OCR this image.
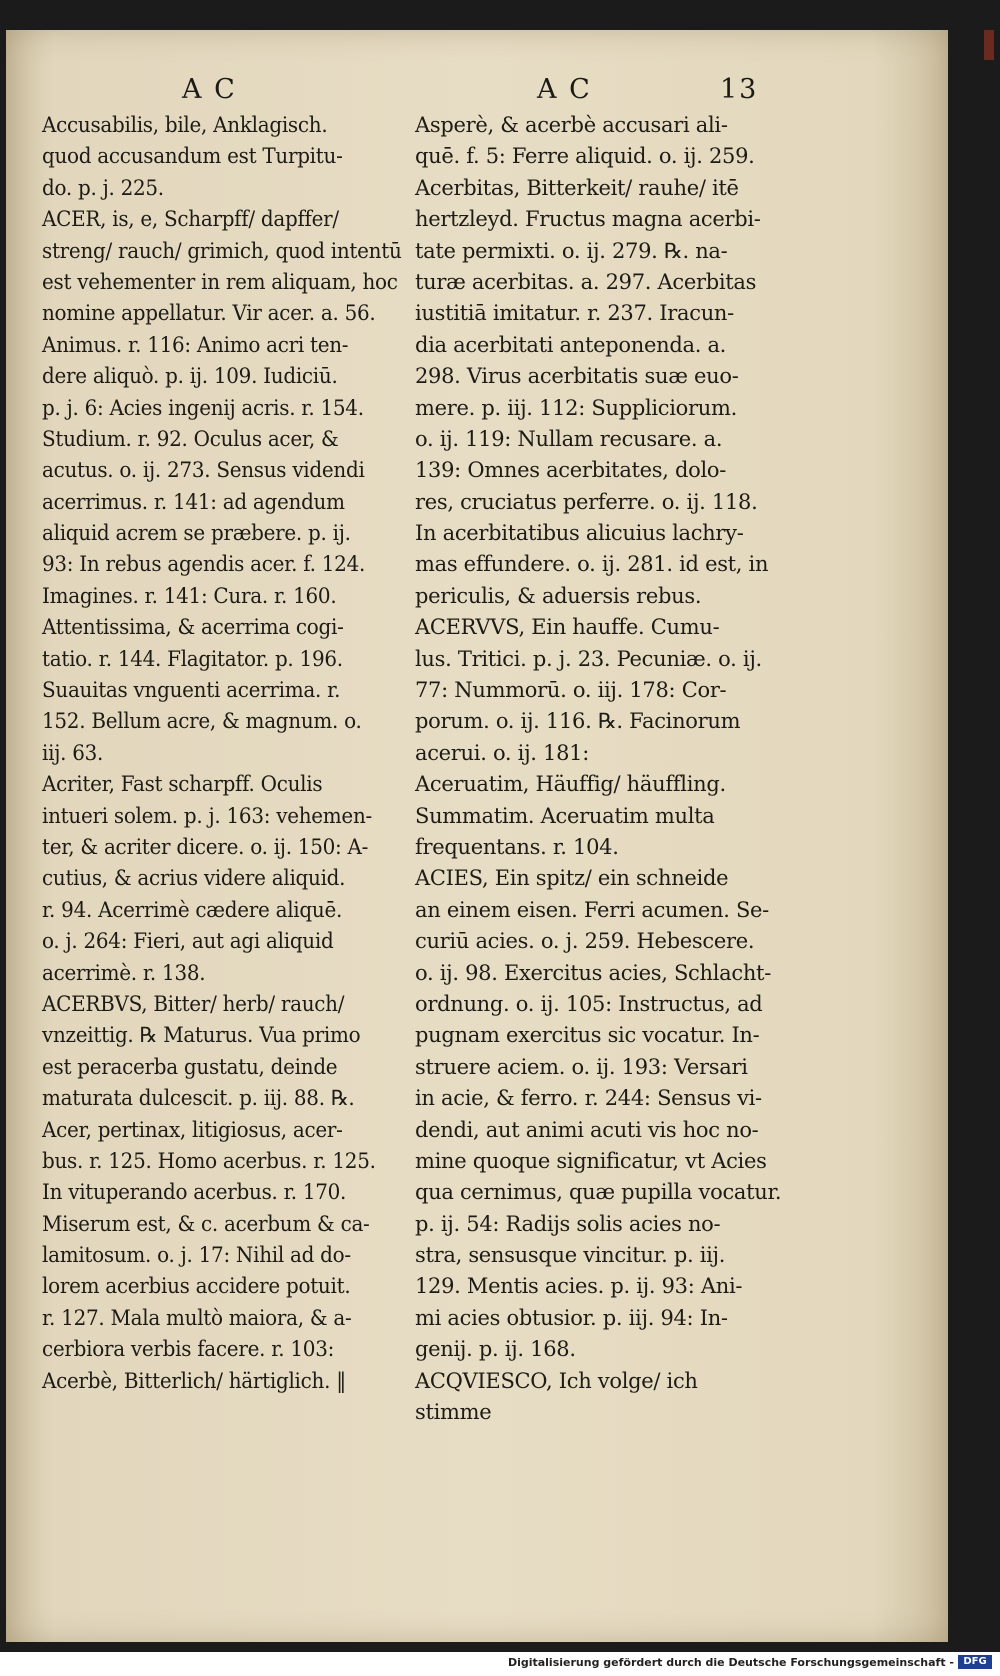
A C	A C	13
Accusabilis, bile, Anklagisch.
quod accusandum est Turpitu-
do. p. j. 225.
ACER, is, e, Scharpff/ dapffer/
streng/ rauch/ grimich, quod intentū
est vehementer in rem aliquam, hoc
nomine appellatur. Vir acer. a. 56.
Animus. r. 116: Animo acri ten-
dere aliquò. p. ij. 109. Iudiciū.
p. j. 6: Acies ingenij acris. r. 154.
Studium. r. 92. Oculus acer, &
acutus. o. ij. 273. Sensus videndi
acerrimus. r. 141: ad agendum
aliquid acrem se præbere. p. ij.
93: In rebus agendis acer. f. 124.
Imagines. r. 141: Cura. r. 160.
Attentissima, & acerrima cogi-
tatio. r. 144. Flagitator. p. 196.
Suauitas vnguenti acerrima. r.
152. Bellum acre, & magnum. o.
iij. 63.
Acriter, Fast scharpff. Oculis
intueri solem. p. j. 163: vehemen-
ter, & acriter dicere. o. ij. 150: A-
cutius, & acrius videre aliquid.
r. 94. Acerrimè cædere aliquē.
o. j. 264: Fieri, aut agi aliquid
acerrimè. r. 138.
ACERBVS, Bitter/ herb/ rauch/
vnzeittig. ℞ Maturus. Vua primo
est peracerba gustatu, deinde
maturata dulcescit. p. iij. 88. ℞.
Acer, pertinax, litigiosus, acer-
bus. r. 125. Homo acerbus. r. 125.
In vituperando acerbus. r. 170.
Miserum est, & c. acerbum & ca-
lamitosum. o. j. 17: Nihil ad do-
lorem acerbius accidere potuit.
r. 127. Mala multò maiora, & a-
cerbiora verbis facere. r. 103:
Acerbè, Bitterlich/ härtiglich. ‖
Asperè, & acerbè accusari ali-
quē. f. 5: Ferre aliquid. o. ij. 259.
Acerbitas, Bitterkeit/ rauhe/ itē
hertzleyd. Fructus magna acerbi-
tate permixti. o. ij. 279. ℞. na-
turæ acerbitas. a. 297. Acerbitas
iustitiā imitatur. r. 237. Iracun-
dia acerbitati anteponenda. a.
298. Virus acerbitatis suæ euo-
mere. p. iij. 112: Suppliciorum.
o. ij. 119: Nullam recusare. a.
139: Omnes acerbitates, dolo-
res, cruciatus perferre. o. ij. 118.
In acerbitatibus alicuius lachry-
mas effundere. o. ij. 281. id est, in
periculis, & aduersis rebus.
ACERVVS, Ein hauffe. Cumu-
lus. Tritici. p. j. 23. Pecuniæ. o. ij.
77: Nummorū. o. iij. 178: Cor-
porum. o. ij. 116. ℞. Facinorum
acerui. o. ij. 181:
Aceruatim, Häuffig/ häuffling.
Summatim. Aceruatim multa
frequentans. r. 104.
ACIES, Ein spitz/ ein schneide
an einem eisen. Ferri acumen. Se-
curiū acies. o. j. 259. Hebescere.
o. ij. 98. Exercitus acies, Schlacht-
ordnung. o. ij. 105: Instructus, ad
pugnam exercitus sic vocatur. In-
struere aciem. o. ij. 193: Versari
in acie, & ferro. r. 244: Sensus vi-
dendi, aut animi acuti vis hoc no-
mine quoque significatur, vt Acies
qua cernimus, quæ pupilla vocatur.
p. ij. 54: Radijs solis acies no-
stra, sensusque vincitur. p. iij.
129. Mentis acies. p. ij. 93: Ani-
mi acies obtusior. p. iij. 94: In-
genij. p. ij. 168.
ACQVIESCO, Ich volge/ ich
stimme
Digitalisierung gefördert durch die Deutsche Forschungsgemeinschaft - DFG
